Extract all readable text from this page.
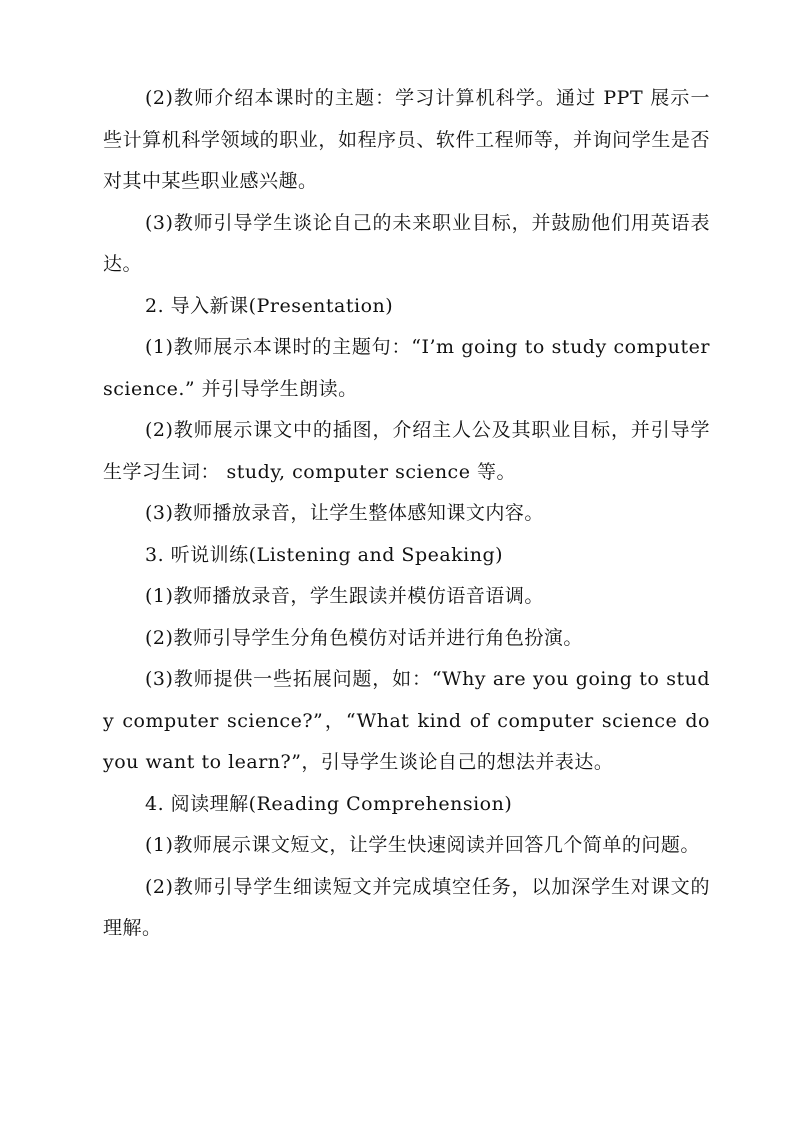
(2)教师介绍本课时的主题：学习计算机科学。通过 PPT 展示一些计算机科学领域的职业，如程序员、软件工程师等，并询问学生是否对其中某些职业感兴趣。

(3)教师引导学生谈论自己的未来职业目标，并鼓励他们用英语表达。

2. 导入新课(Presentation)

(1)教师展示本课时的主题句：“I’m going to study computer science.” 并引导学生朗读。

(2)教师展示课文中的插图，介绍主人公及其职业目标，并引导学生学习生词： study, computer science 等。

(3)教师播放录音，让学生整体感知课文内容。

3. 听说训练(Listening and Speaking)

(1)教师播放录音，学生跟读并模仿语音语调。

(2)教师引导学生分角色模仿对话并进行角色扮演。

(3)教师提供一些拓展问题，如：“Why are you going to study computer science?”，“What kind of computer science do you want to learn?”，引导学生谈论自己的想法并表达。

4. 阅读理解(Reading Comprehension)

(1)教师展示课文短文，让学生快速阅读并回答几个简单的问题。

(2)教师引导学生细读短文并完成填空任务，以加深学生对课文的理解。
